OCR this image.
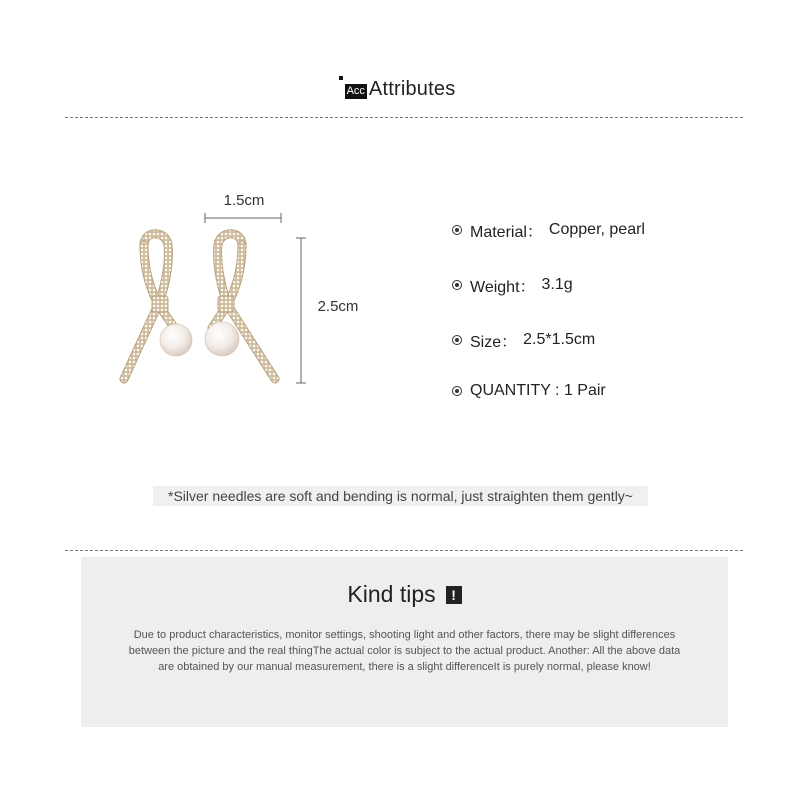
Acc Attributes
1.5cm
2.5cm
Material： Copper, pearl
Weight： 3.1g
Size： 2.5*1.5cm
QUANTITY : 1 Pair
*Silver needles are soft and bending is normal, just straighten them gently~
Kind tips	!
Due to product characteristics, monitor settings, shooting light and other factors, there may be slight differences between the picture and the real thingThe actual color is subject to the actual product. Another: All the above data are obtained by our manual measurement, there is a slight differenceIt is purely normal, please know!
